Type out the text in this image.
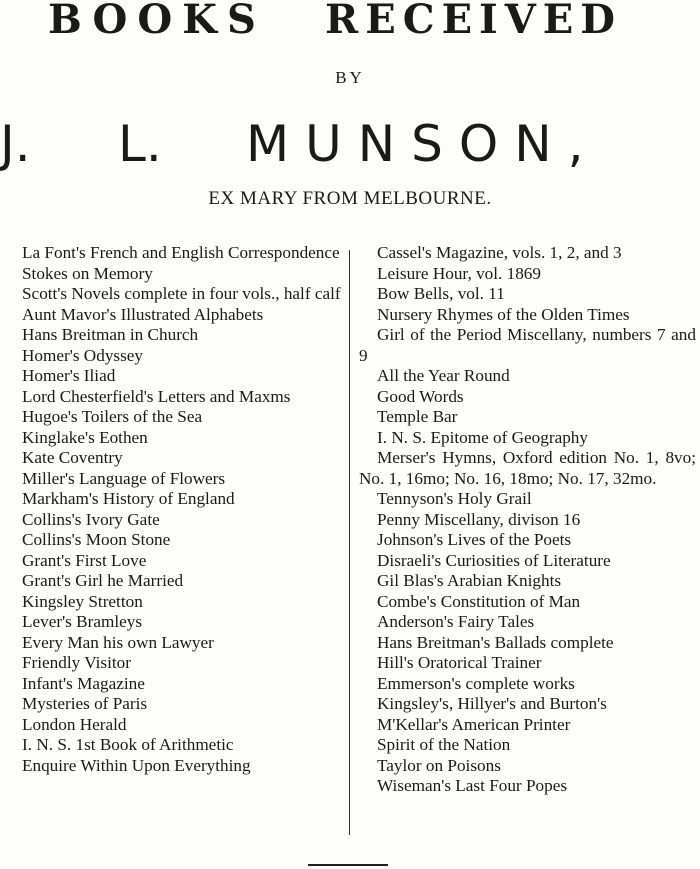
BOOKS

RECEIVED

BY
J. L. MUNSON,
EX MARY FROM MELBOURNE.

La Font's French and English Correspondence

Stokes on Memory

Scott's Novels complete in four vols., half calf

Aunt Mavor's Illustrated Alphabets

Hans Breitman in Church

Homer's Odyssey

Homer's Iliad

Lord Chesterfield's Letters and Maxms

Hugoe's Toilers of the Sea

Kinglake's Eothen

Kate Coventry

Miller's Language of Flowers

Markham's History of England

Collins's Ivory Gate

Collins's Moon Stone

Grant's First Love

Grant's Girl he Married

Kingsley Stretton

Lever's Bramleys

Every Man his own Lawyer

Friendly Visitor

Infant's Magazine

Mysteries of Paris

London Herald

I. N. S. 1st Book of Arithmetic

Enquire Within Upon Everything

Cassel's Magazine, vols. 1, 2, and 3

Leisure Hour, vol. 1869

Bow Bells, vol. 11

Nursery Rhymes of the Olden Times

Girl of the Period Miscellany, numbers 7 and 9

All the Year Round

Good Words

Temple Bar

I. N. S. Epitome of Geography

Merser's Hymns, Oxford edition No. 1, 8vo; No. 1, 16mo; No. 16, 18mo; No. 17, 32mo.

Tennyson's Holy Grail

Penny Miscellany, divison 16

Johnson's Lives of the Poets

Disraeli's Curiosities of Literature

Gil Blas's Arabian Knights

Combe's Constitution of Man

Anderson's Fairy Tales

Hans Breitman's Ballads complete

Hill's Oratorical Trainer

Emmerson's complete works

Kingsley's, Hillyer's and Burton's

M'Kellar's American Printer

Spirit of the Nation

Taylor on Poisons

Wiseman's Last Four Popes
